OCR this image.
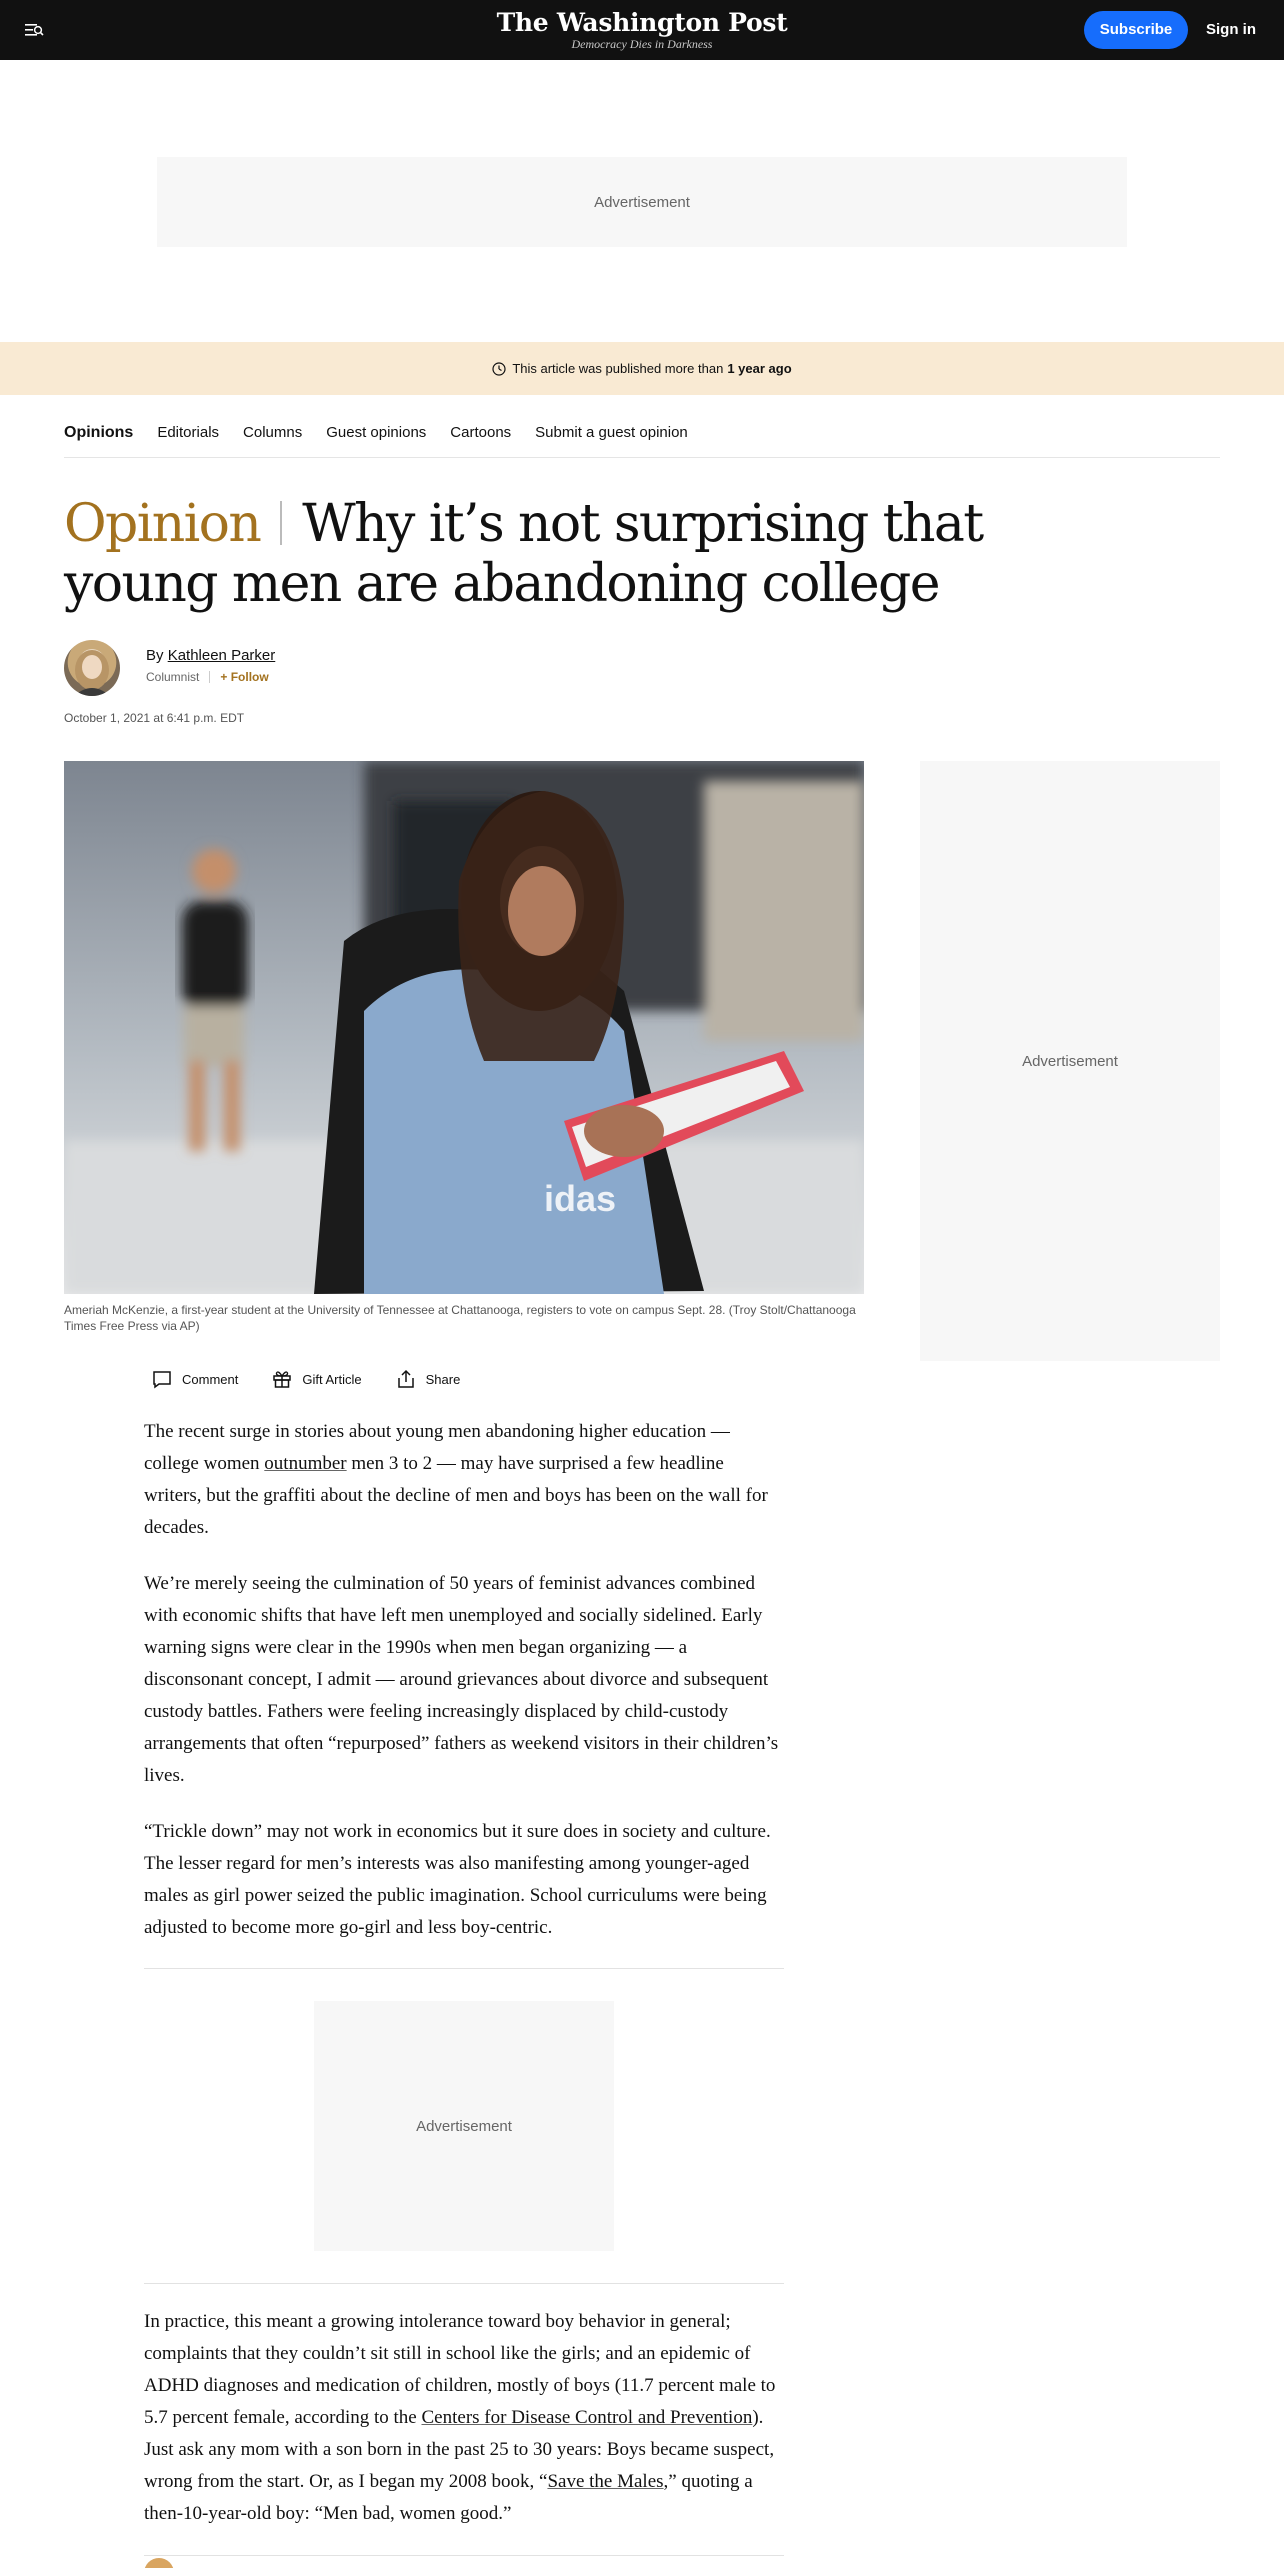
The Washington Post
Democracy Dies in Darkness
Subscribe	Sign in
Advertisement
This article was published more than 1 year ago
Opinions Editorials Columns Guest opinions Cartoons Submit a guest opinion
Opinion Why it’s not surprising that young men are abandoning college
By Kathleen Parker
Columnist + Follow
October 1, 2021 at 6:41 p.m. EDT
idas
Ameriah McKenzie, a first-year student at the University of Tennessee at Chattanooga, registers to vote on campus Sept. 28. (Troy Stolt/Chattanooga Times Free Press via AP)
Advertisement
Comment	Gift Article	Share

The recent surge in stories about young men abandoning higher education — college women outnumber men 3 to 2 — may have surprised a few headline writers, but the graffiti about the decline of men and boys has been on the wall for decades.

We’re merely seeing the culmination of 50 years of feminist advances combined with economic shifts that have left men unemployed and socially sidelined. Early warning signs were clear in the 1990s when men began organizing — a disconsonant concept, I admit — around grievances about divorce and subsequent custody battles. Fathers were feeling increasingly displaced by child-custody arrangements that often “repurposed” fathers as weekend visitors in their children’s lives.

“Trickle down” may not work in economics but it sure does in society and culture. The lesser regard for men’s interests was also manifesting among younger-aged males as girl power seized the public imagination. School curriculums were being adjusted to become more go-girl and less boy-centric.

Advertisement

In practice, this meant a growing intolerance toward boy behavior in general; complaints that they couldn’t sit still in school like the girls; and an epidemic of ADHD diagnoses and medication of children, mostly of boys (11.7 percent male to 5.7 percent female, according to the Centers for Disease Control and Prevention). Just ask any mom with a son born in the past 25 to 30 years: Boys became suspect, wrong from the start. Or, as I began my 2008 book, “Save the Males,” quoting a then-10-year-old boy: “Men bad, women good.”
